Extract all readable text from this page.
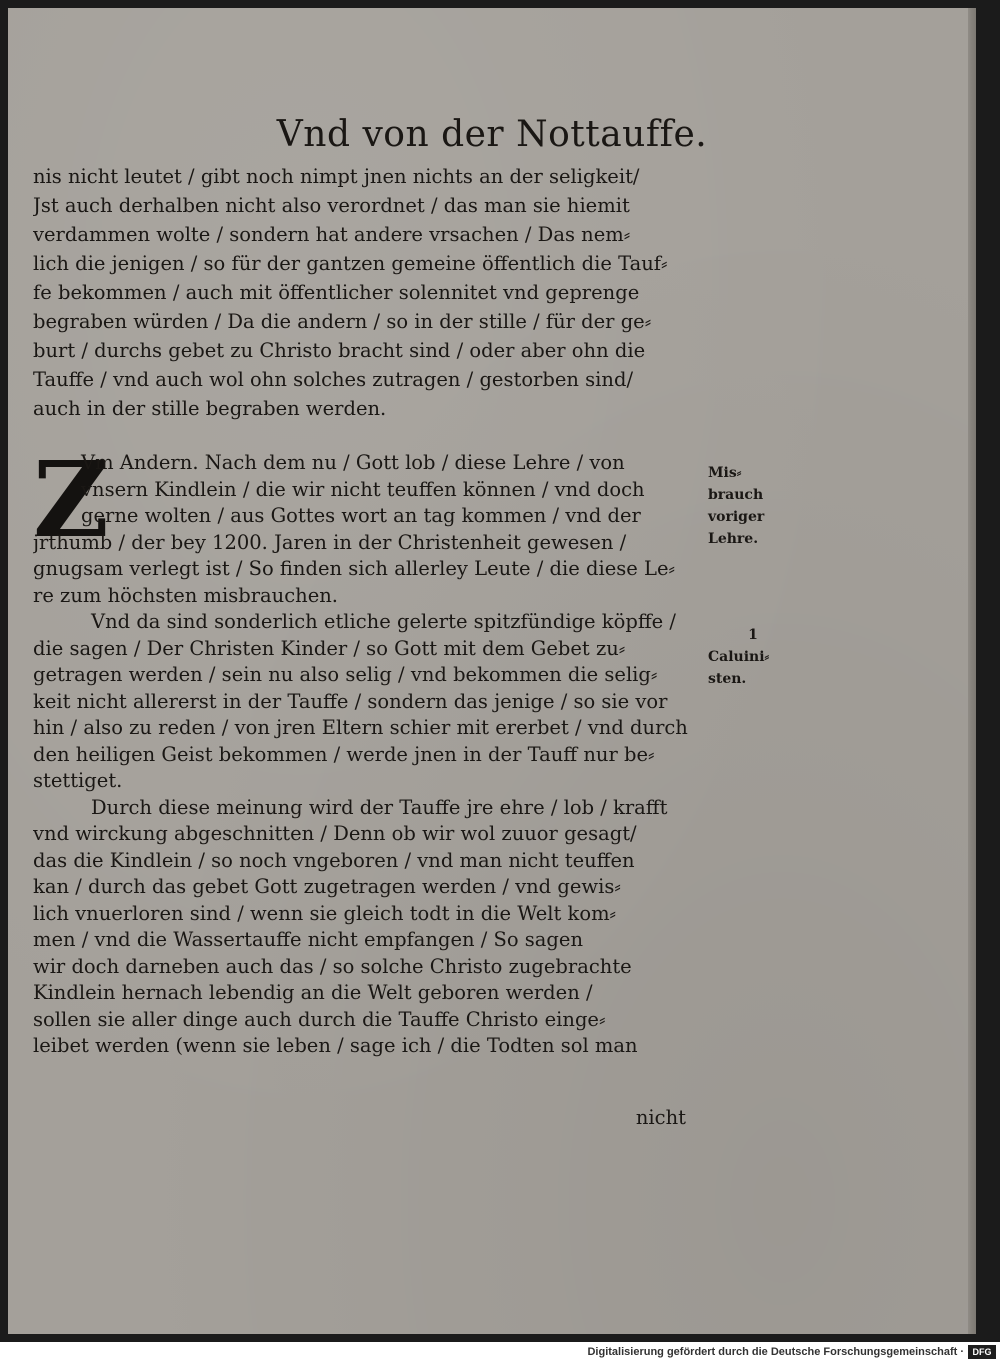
Vnd von der Nottauffe.
nis nicht leutet / gibt noch nimpt jnen nichts an der seligkeit/
Jst auch derhalben nicht also verordnet / das man sie hiemit
verdammen wolte / sondern hat andere vrsachen / Das nem⸗
lich die jenigen / so für der gantzen gemeine öffentlich die Tauf⸗
fe bekommen / auch mit öffentlicher solennitet vnd geprenge
begraben würden / Da die andern / so in der stille / für der ge⸗
burt / durchs gebet zu Christo bracht sind / oder aber ohn die
Tauffe / vnd auch wol ohn solches zutragen / gestorben sind/
auch in der stille begraben werden.
Z
Vm Andern. Nach dem nu / Gott lob / diese Lehre / von
vnsern Kindlein / die wir nicht teuffen können / vnd doch
gerne wolten / aus Gottes wort an tag kommen / vnd der
jrthumb / der bey 1200. Jaren in der Christenheit gewesen /
gnugsam verlegt ist / So finden sich allerley Leute / die diese Le⸗
re zum höchsten misbrauchen.
Vnd da sind sonderlich etliche gelerte spitzfündige köpffe /
die sagen / Der Christen Kinder / so Gott mit dem Gebet zu⸗
getragen werden / sein nu also selig / vnd bekommen die selig⸗
keit nicht allererst in der Tauffe / sondern das jenige / so sie vor
hin / also zu reden / von jren Eltern schier mit ererbet / vnd durch
den heiligen Geist bekommen / werde jnen in der Tauff nur be⸗
stettiget.
Durch diese meinung wird der Tauffe jre ehre / lob / krafft
vnd wirckung abgeschnitten / Denn ob wir wol zuuor gesagt/
das die Kindlein / so noch vngeboren / vnd man nicht teuffen
kan / durch das gebet Gott zugetragen werden / vnd gewis⸗
lich vnuerloren sind / wenn sie gleich todt in die Welt kom⸗
men / vnd die Wassertauffe nicht empfangen / So sagen
wir doch darneben auch das / so solche Christo zugebrachte
Kindlein hernach lebendig an die Welt geboren werden /
sollen sie aller dinge auch durch die Tauffe Christo einge⸗
leibet werden (wenn sie leben / sage ich / die Todten sol man
nicht
Mis⸗
brauch
voriger
Lehre.
1
Caluini⸗
sten.
Digitalisierung gefördert durch die Deutsche Forschungsgemeinschaft · DFG
